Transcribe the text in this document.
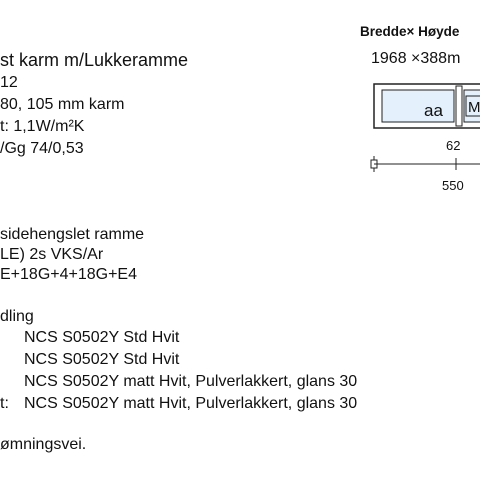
st karm m/Lukkeramme
12
80, 105 mm karm
t: 1,1W/m²K
/Gg 74/0,53
sidehengslet ramme
LE) 2s VKS/Ar
E+18G+4+18G+E4
dling
NCS S0502Y Std Hvit
NCS S0502Y Std Hvit
NCS S0502Y matt Hvit, Pulverlakkert, glans 30
t: NCS S0502Y matt Hvit, Pulverlakkert, glans 30
ømningsvei.
Bredde× Høyde
1968 ×388m
aa M
62
550
